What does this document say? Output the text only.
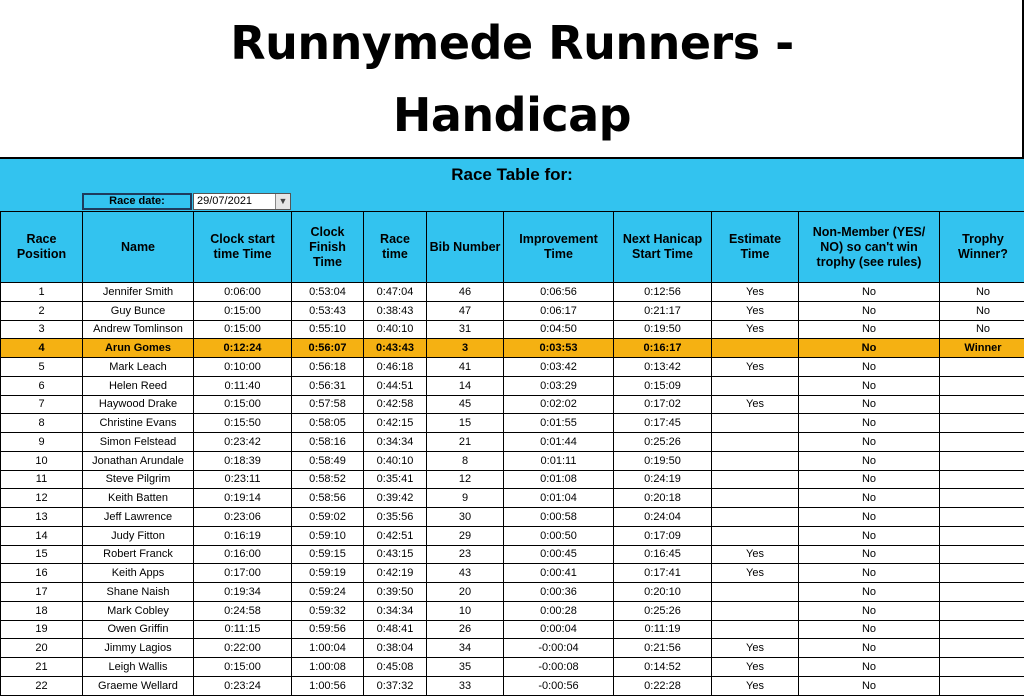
Runnymede Runners -
Handicap
Race Table for:
Race date:	29/07/2021	▼
Race Position	Name	Clock start time Time	Clock Finish Time	Race time	Bib Number	Improvement Time	Next Hanicap Start Time	Estimate Time	Non-Member (YES/ NO) so can't win trophy (see rules)	Trophy Winner?
1	Jennifer Smith	0:06:00	0:53:04	0:47:04	46	0:06:56	0:12:56	Yes	No	No
2	Guy Bunce	0:15:00	0:53:43	0:38:43	47	0:06:17	0:21:17	Yes	No	No
3	Andrew Tomlinson	0:15:00	0:55:10	0:40:10	31	0:04:50	0:19:50	Yes	No	No
4	Arun Gomes	0:12:24	0:56:07	0:43:43	3	0:03:53	0:16:17		No	Winner
5	Mark Leach	0:10:00	0:56:18	0:46:18	41	0:03:42	0:13:42	Yes	No	
6	Helen Reed	0:11:40	0:56:31	0:44:51	14	0:03:29	0:15:09		No	
7	Haywood Drake	0:15:00	0:57:58	0:42:58	45	0:02:02	0:17:02	Yes	No	
8	Christine Evans	0:15:50	0:58:05	0:42:15	15	0:01:55	0:17:45		No	
9	Simon Felstead	0:23:42	0:58:16	0:34:34	21	0:01:44	0:25:26		No	
10	Jonathan Arundale	0:18:39	0:58:49	0:40:10	8	0:01:11	0:19:50		No	
11	Steve Pilgrim	0:23:11	0:58:52	0:35:41	12	0:01:08	0:24:19		No	
12	Keith Batten	0:19:14	0:58:56	0:39:42	9	0:01:04	0:20:18		No	
13	Jeff Lawrence	0:23:06	0:59:02	0:35:56	30	0:00:58	0:24:04		No	
14	Judy Fitton	0:16:19	0:59:10	0:42:51	29	0:00:50	0:17:09		No	
15	Robert Franck	0:16:00	0:59:15	0:43:15	23	0:00:45	0:16:45	Yes	No	
16	Keith Apps	0:17:00	0:59:19	0:42:19	43	0:00:41	0:17:41	Yes	No	
17	Shane Naish	0:19:34	0:59:24	0:39:50	20	0:00:36	0:20:10		No	
18	Mark Cobley	0:24:58	0:59:32	0:34:34	10	0:00:28	0:25:26		No	
19	Owen Griffin	0:11:15	0:59:56	0:48:41	26	0:00:04	0:11:19		No	
20	Jimmy Lagios	0:22:00	1:00:04	0:38:04	34	-0:00:04	0:21:56	Yes	No	
21	Leigh Wallis	0:15:00	1:00:08	0:45:08	35	-0:00:08	0:14:52	Yes	No	
22	Graeme Wellard	0:23:24	1:00:56	0:37:32	33	-0:00:56	0:22:28	Yes	No	
